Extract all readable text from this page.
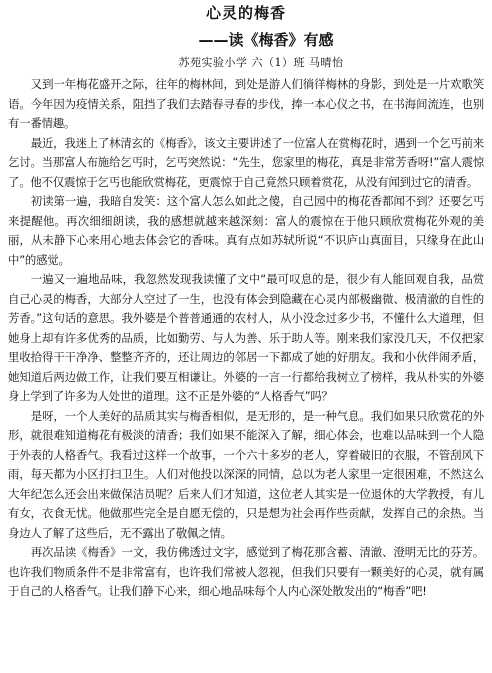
心灵的梅香
——读《梅香》有感
苏苑实验小学 六（1）班 马晴怡

又到一年梅花盛开之际，往年的梅林间，到处是游人们徜徉梅林的身影，到处是一片欢歌笑语。今年因为疫情关系，阻挡了我们去踏春寻春的步伐，捧一本心仪之书，在书海间流连，也别有一番情趣。

最近，我迷上了林清玄的《梅香》，该文主要讲述了一位富人在赏梅花时，遇到一个乞丐前来乞讨。当那富人布施给乞丐时，乞丐突然说：“先生，您家里的梅花，真是非常芳香呀!”富人震惊了。他不仅震惊于乞丐也能欣赏梅花，更震惊于自己竟然只顾着赏花，从没有闻到过它的清香。

初读第一遍，我暗自发笑：这个富人怎么如此之傻，自己园中的梅花香都闻不到？还要乞丐来提醒他。再次细细朗读，我的感想就越来越深刻：富人的震惊在于他只顾欣赏梅花外观的美丽，从未静下心来用心地去体会它的香味。真有点如苏轼所说“不识庐山真面目，只缘身在此山中”的感觉。

一遍又一遍地品味，我忽然发现我读懂了文中“最可叹息的是，很少有人能回观自我，品赏自己心灵的梅香，大部分人空过了一生，也没有体会到隐藏在心灵内部极幽微、极清澈的自性的芳香。”这句话的意思。我外婆是个普普通通的农村人，从小没念过多少书，不懂什么大道理，但她身上却有许多优秀的品质，比如勤劳、与人为善、乐于助人等。刚来我们家没几天，不仅把家里收拾得干干净净、整整齐齐的，还让周边的邻居一下都成了她的好朋友。我和小伙伴闹矛盾，她知道后两边做工作，让我们要互相谦让。外婆的一言一行都给我树立了榜样，我从朴实的外婆身上学到了许多为人处世的道理。这不正是外婆的“人格香气”吗？

是呀，一个人美好的品质其实与梅香相似，是无形的，是一种气息。我们如果只欣赏花的外形，就很难知道梅花有极淡的清香；我们如果不能深入了解，细心体会，也难以品味到一个人隐于外表的人格香气。我看过这样一个故事，一个六十多岁的老人，穿着破旧的衣服，不管刮风下雨，每天都为小区打扫卫生。人们对他投以深深的同情，总以为老人家里一定很困难，不然这么大年纪怎么还会出来做保洁员呢？后来人们才知道，这位老人其实是一位退休的大学教授，有儿有女，衣食无忧。他做那些完全是自愿无偿的，只是想为社会再作些贡献，发挥自己的余热。当身边人了解了这些后，无不露出了敬佩之情。

再次品读《梅香》一文，我仿佛透过文字，感觉到了梅花那含蓄、清澈、澄明无比的芬芳。也许我们物质条件不是非常富有，也许我们常被人忽视，但我们只要有一颗美好的心灵，就有属于自己的人格香气。让我们静下心来，细心地品味每个人内心深处散发出的“梅香”吧!
